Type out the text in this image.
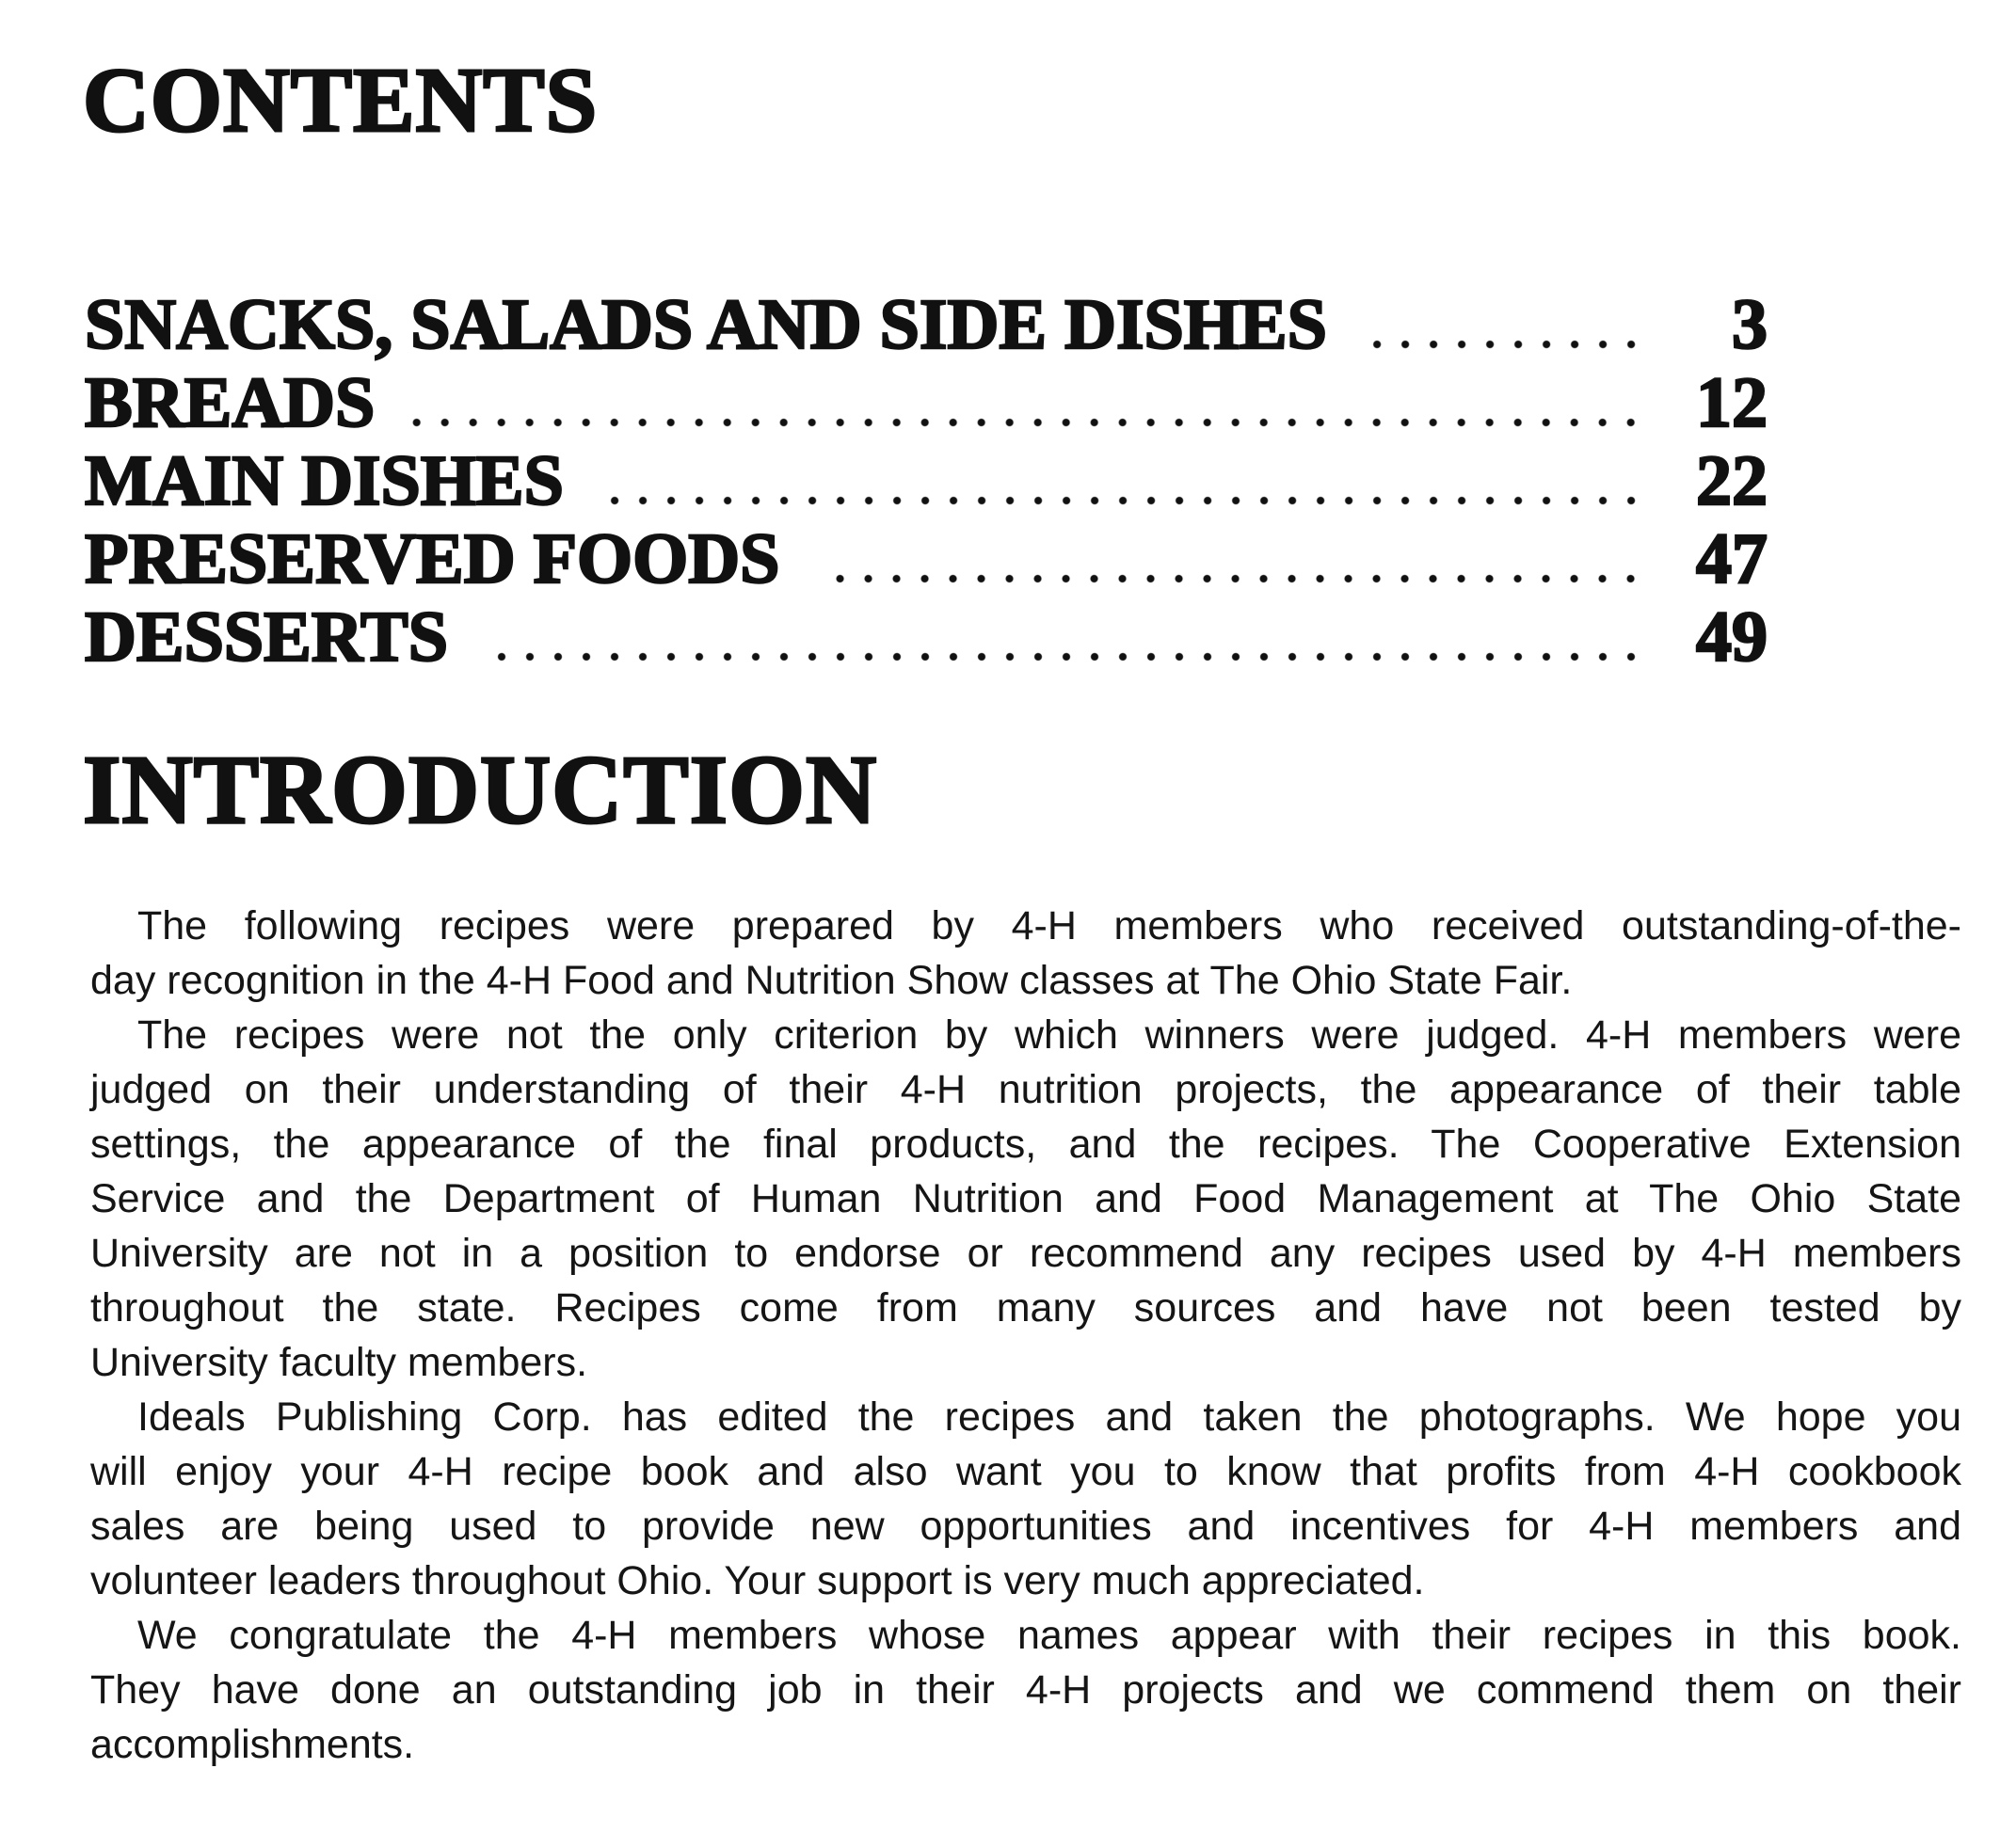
CONTENTS
SNACKS, SALADS AND SIDE DISHES	3
BREADS	12
MAIN DISHES	22
PRESERVED FOODS	47
DESSERTS	49
INTRODUCTION
The following recipes were prepared by 4-H members who received outstanding-of-the-
day recognition in the 4-H Food and Nutrition Show classes at The Ohio State Fair.
The recipes were not the only criterion by which winners were judged. 4-H members were
judged on their understanding of their 4-H nutrition projects, the appearance of their table
settings, the appearance of the final products, and the recipes. The Cooperative Extension
Service and the Department of Human Nutrition and Food Management at The Ohio State
University are not in a position to endorse or recommend any recipes used by 4-H members
throughout the state. Recipes come from many sources and have not been tested by
University faculty members.
Ideals Publishing Corp. has edited the recipes and taken the photographs. We hope you
will enjoy your 4-H recipe book and also want you to know that profits from 4-H cookbook
sales are being used to provide new opportunities and incentives for 4-H members and
volunteer leaders throughout Ohio. Your support is very much appreciated.
We congratulate the 4-H members whose names appear with their recipes in this book.
They have done an outstanding job in their 4-H projects and we commend them on their
accomplishments.
